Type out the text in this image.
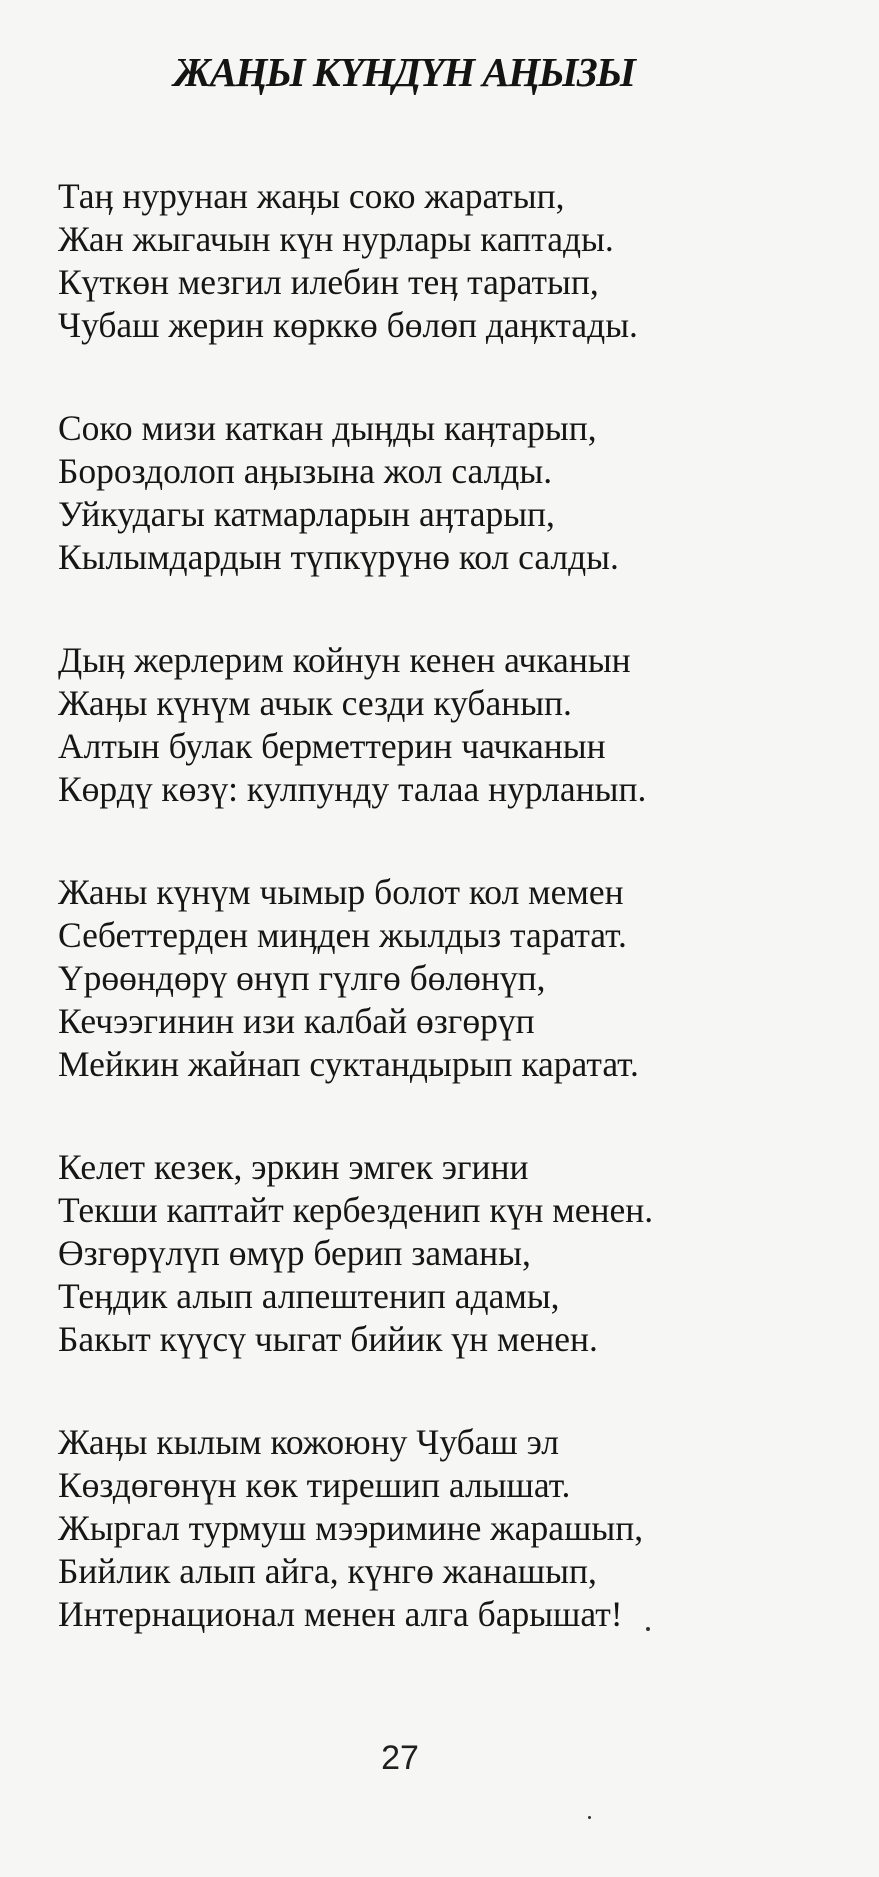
ЖАҢЫ КҮНДҮН АҢЫЗЫ
Таӊ нурунан жаӊы соко жаратып,
Жан жыгачын күн нурлары каптады.
Күткөн мезгил илебин теӊ таратып,
Чубаш жерин көрккө бөлөп даӊктады.
Соко мизи каткан дыӊды каӊтарып,
Бороздолоп аӊызына жол салды.
Уйкудагы катмарларын аӊтарып,
Кылымдардын түпкүрүнө кол салды.
Дыӊ жерлерим койнун кенен ачканын
Жаӊы күнүм ачык сезди кубанып.
Алтын булак берметтерин чачканын
Көрдү көзү: кулпунду талаа нурланып.
Жаны күнүм чымыр болот кол мемен
Себеттерден миӊден жылдыз таратат.
Үрөөндөрү өнүп гүлгө бөлөнүп,
Кечээгинин изи калбай өзгөрүп
Мейкин жайнап суктандырып каратат.
Келет кезек, эркин эмгек эгини
Текши каптайт кербезденип күн менен.
Өзгөрүлүп өмүр берип заманы,
Теӊдик алып алпештенип адамы,
Бакыт күүсү чыгат бийик үн менен.
Жаӊы кылым кожоюну Чубаш эл
Көздөгөнүн көк тирешип алышат.
Жыргал турмуш мээримине жарашып,
Бийлик алып айга, күнгө жанашып,
Интернационал менен алга барышат!
27
